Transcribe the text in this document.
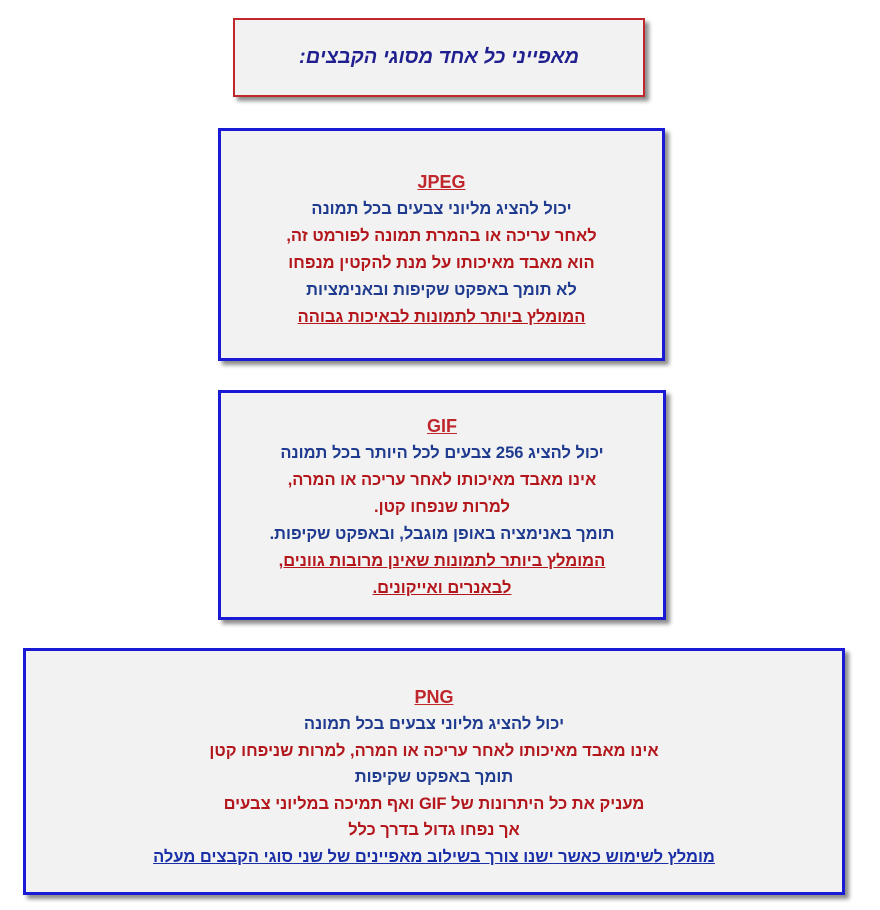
מאפייני כל אחד מסוגי הקבצים:
JPEG
יכול להציג מליוני צבעים בכל תמונה
לאחר עריכה או בהמרת תמונה לפורמט זה,
הוא מאבד מאיכותו על מנת להקטין מנפחו
לא תומך באפקט שקיפות ובאנימציות
המומלץ ביותר לתמונות לבאיכות גבוהה
GIF
יכול להציג 256 צבעים לכל היותר בכל תמונה
אינו מאבד מאיכותו לאחר עריכה או המרה,
למרות שנפחו קטן.
תומך באנימציה באופן מוגבל, ובאפקט שקיפות.
המומלץ ביותר לתמונות שאינן מרובות גוונים,
לבאנרים ואייקונים.
PNG
יכול להציג מליוני צבעים בכל תמונה
אינו מאבד מאיכותו לאחר עריכה או המרה, למרות שניפחו קטן
תומך באפקט שקיפות
מעניק את כל היתרונות של GIF ואף תמיכה במליוני צבעים
אך נפחו גדול בדרך כלל
מומלץ לשימוש כאשר ישנו צורך בשילוב מאפיינים של שני סוגי הקבצים מעלה
